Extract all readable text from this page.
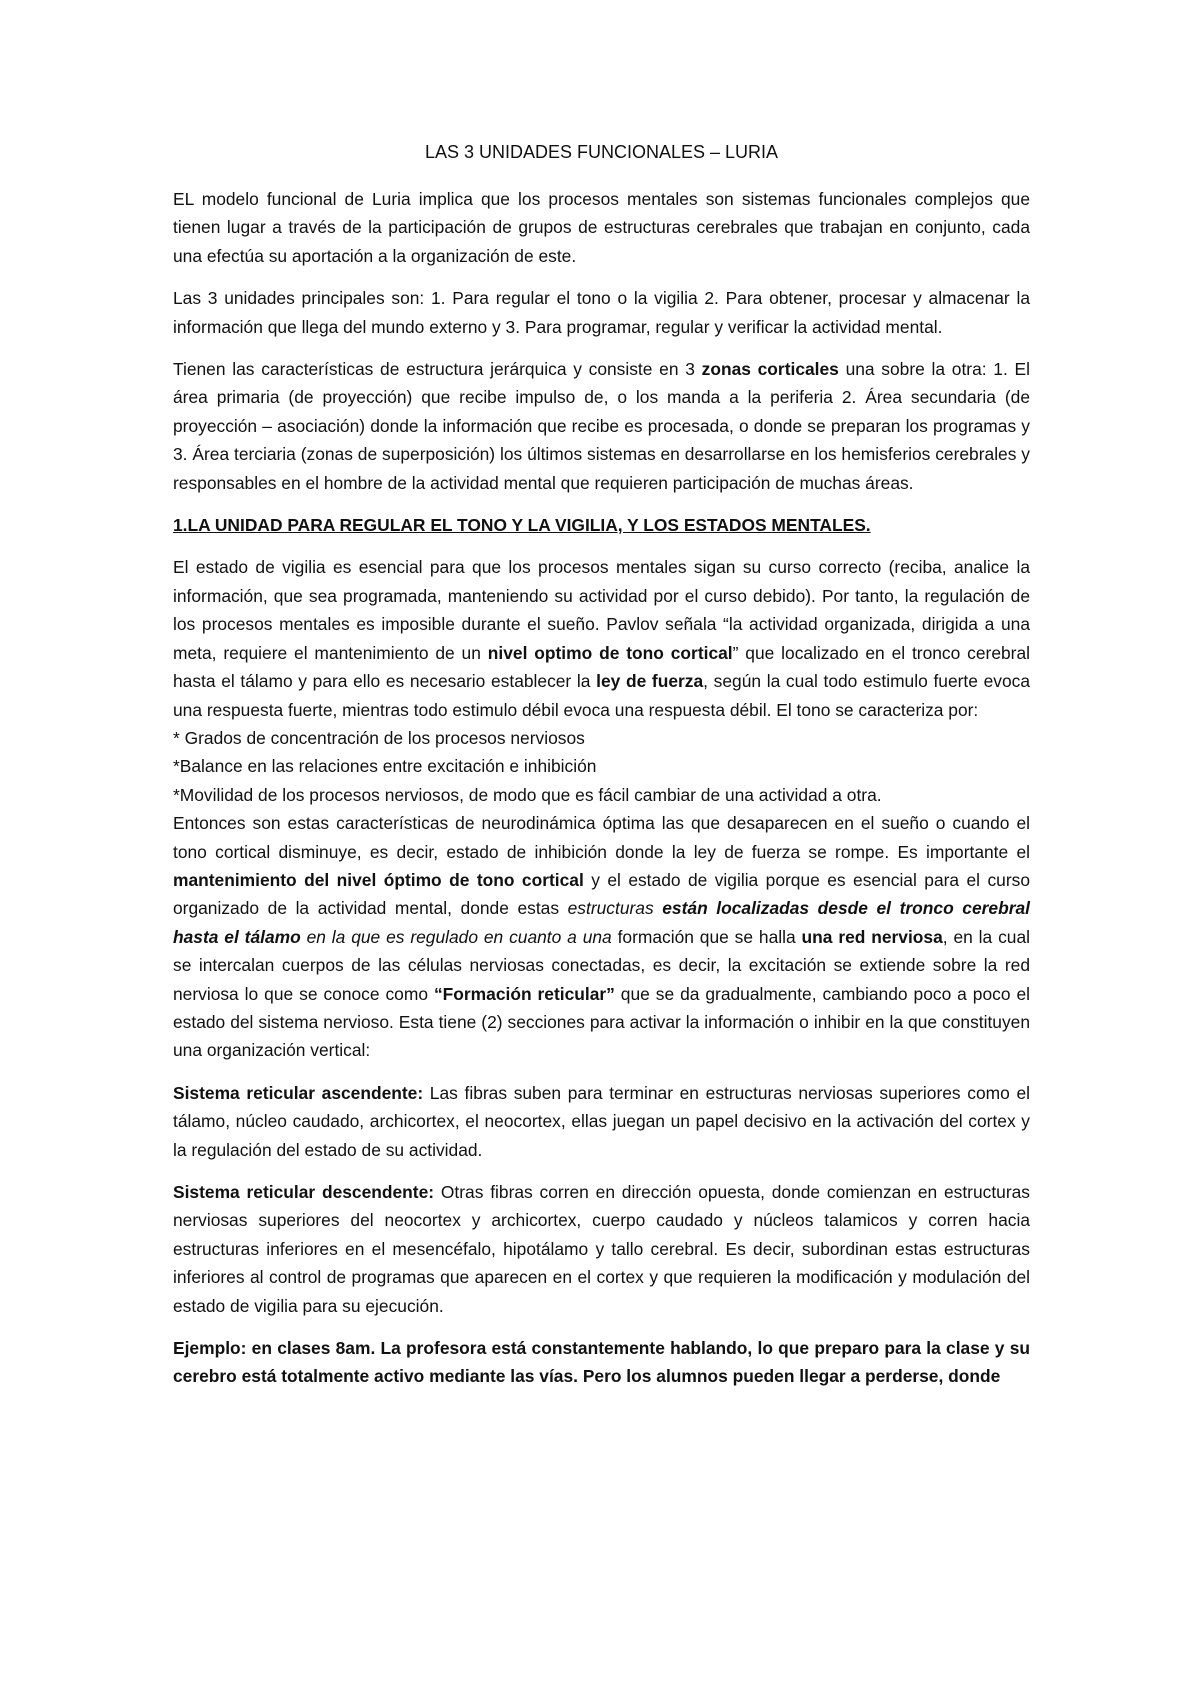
LAS 3 UNIDADES FUNCIONALES – LURIA

EL modelo funcional de Luria implica que los procesos mentales son sistemas funcionales complejos que tienen lugar a través de la participación de grupos de estructuras cerebrales que trabajan en conjunto, cada una efectúa su aportación a la organización de este.

Las 3 unidades principales son: 1. Para regular el tono o la vigilia 2. Para obtener, procesar y almacenar la información que llega del mundo externo y 3. Para programar, regular y verificar la actividad mental.

Tienen las características de estructura jerárquica y consiste en 3 zonas corticales una sobre la otra: 1. El área primaria (de proyección) que recibe impulso de, o los manda a la periferia 2. Área secundaria (de proyección – asociación) donde la información que recibe es procesada, o donde se preparan los programas y 3. Área terciaria (zonas de superposición) los últimos sistemas en desarrollarse en los hemisferios cerebrales y responsables en el hombre de la actividad mental que requieren participación de muchas áreas.

1.LA UNIDAD PARA REGULAR EL TONO Y LA VIGILIA, Y LOS ESTADOS MENTALES.

El estado de vigilia es esencial para que los procesos mentales sigan su curso correcto (reciba, analice la información, que sea programada, manteniendo su actividad por el curso debido). Por tanto, la regulación de los procesos mentales es imposible durante el sueño. Pavlov señala “la actividad organizada, dirigida a una meta, requiere el mantenimiento de un nivel optimo de tono cortical” que localizado en el tronco cerebral hasta el tálamo y para ello es necesario establecer la ley de fuerza, según la cual todo estimulo fuerte evoca una respuesta fuerte, mientras todo estimulo débil evoca una respuesta débil. El tono se caracteriza por:

* Grados de concentración de los procesos nerviosos
*Balance en las relaciones entre excitación e inhibición
*Movilidad de los procesos nerviosos, de modo que es fácil cambiar de una actividad a otra.

Entonces son estas características de neurodinámica óptima las que desaparecen en el sueño o cuando el tono cortical disminuye, es decir, estado de inhibición donde la ley de fuerza se rompe. Es importante el mantenimiento del nivel óptimo de tono cortical y el estado de vigilia porque es esencial para el curso organizado de la actividad mental, donde estas estructuras están localizadas desde el tronco cerebral hasta el tálamo en la que es regulado en cuanto a una formación que se halla una red nerviosa, en la cual se intercalan cuerpos de las células nerviosas conectadas, es decir, la excitación se extiende sobre la red nerviosa lo que se conoce como “Formación reticular” que se da gradualmente, cambiando poco a poco el estado del sistema nervioso. Esta tiene (2) secciones para activar la información o inhibir en la que constituyen una organización vertical:

Sistema reticular ascendente: Las fibras suben para terminar en estructuras nerviosas superiores como el tálamo, núcleo caudado, archicortex, el neocortex, ellas juegan un papel decisivo en la activación del cortex y la regulación del estado de su actividad.

Sistema reticular descendente: Otras fibras corren en dirección opuesta, donde comienzan en estructuras nerviosas superiores del neocortex y archicortex, cuerpo caudado y núcleos talamicos y corren hacia estructuras inferiores en el mesencéfalo, hipotálamo y tallo cerebral. Es decir, subordinan estas estructuras inferiores al control de programas que aparecen en el cortex y que requieren la modificación y modulación del estado de vigilia para su ejecución.

Ejemplo: en clases 8am. La profesora está constantemente hablando, lo que preparo para la clase y su cerebro está totalmente activo mediante las vías. Pero los alumnos pueden llegar a perderse, donde
